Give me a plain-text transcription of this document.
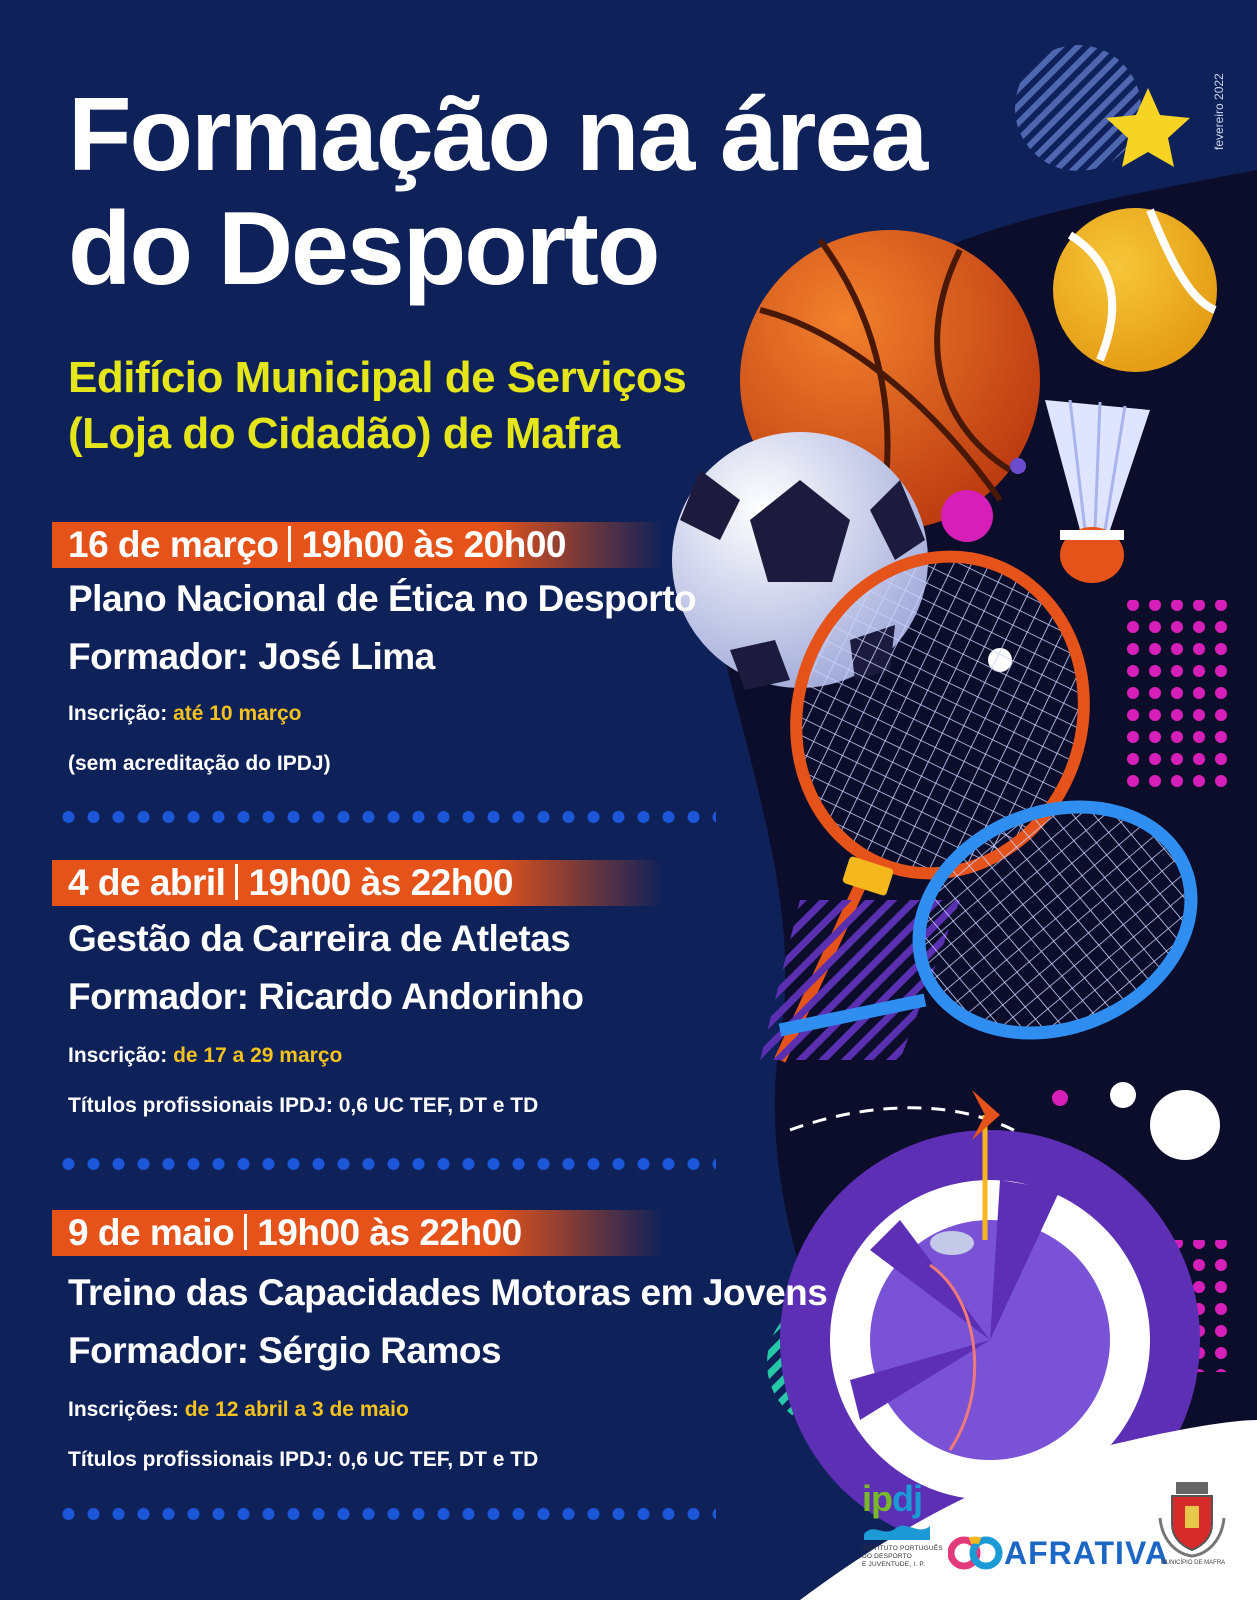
fevereiro 2022
Formação na área
do Desporto
Edifício Municipal de Serviços
(Loja do Cidadão) de Mafra
16 de março 19h00 às 20h00
Plano Nacional de Ética no Desporto
Formador: José Lima
Inscrição: até 10 março
(sem acreditação do IPDJ)
4 de abril 19h00 às 22h00
Gestão da Carreira de Atletas
Formador: Ricardo Andorinho
Inscrição: de 17 a 29 março
Títulos profissionais IPDJ: 0,6 UC TEF, DT e TD
9 de maio 19h00 às 22h00
Treino das Capacidades Motoras em Jovens
Formador: Sérgio Ramos
Inscrições: de 12 abril a 3 de maio
Títulos profissionais IPDJ: 0,6 UC TEF, DT e TD
ipdj
INSTITUTO PORTUGUÊS
DO DESPORTO
E JUVENTUDE, I. P.	AFRATIVA
MUNICÍPIO DE MAFRA
